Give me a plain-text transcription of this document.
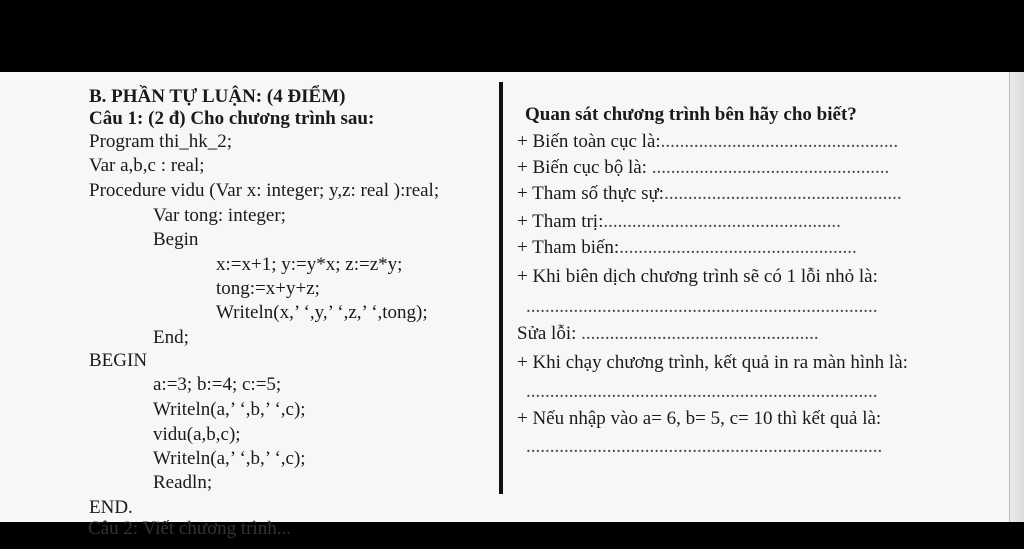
B. PHẦN TỰ LUẬN: (4 ĐIỂM)
Câu 1: (2 đ) Cho chương trình sau:
Program thi_hk_2;
Var a,b,c : real;
Procedure vidu (Var x: integer; y,z: real ):real;
Var tong: integer;
Begin
x:=x+1; y:=y*x; z:=z*y;
tong:=x+y+z;
Writeln(x,’ ‘,y,’ ‘,z,’ ‘,tong);
End;
BEGIN
a:=3; b:=4; c:=5;
Writeln(a,’ ‘,b,’ ‘,c);
vidu(a,b,c);
Writeln(a,’ ‘,b,’ ‘,c);
Readln;
END.
Quan sát chương trình bên hãy cho biết?
+ Biến toàn cục là:..................................................
+ Biến cục bộ là: ..................................................
+ Tham số thực sự:..................................................
+ Tham trị:..................................................
+ Tham biến:..................................................
+ Khi biên dịch chương trình sẽ có 1 lỗi nhỏ là:
..........................................................................
Sửa lỗi: ..................................................
+ Khi chạy chương trình, kết quả in ra màn hình là:
..........................................................................
+ Nếu nhập vào a= 6, b= 5, c= 10 thì kết quả là:
...........................................................................
Câu 2: Viết chương trình...
